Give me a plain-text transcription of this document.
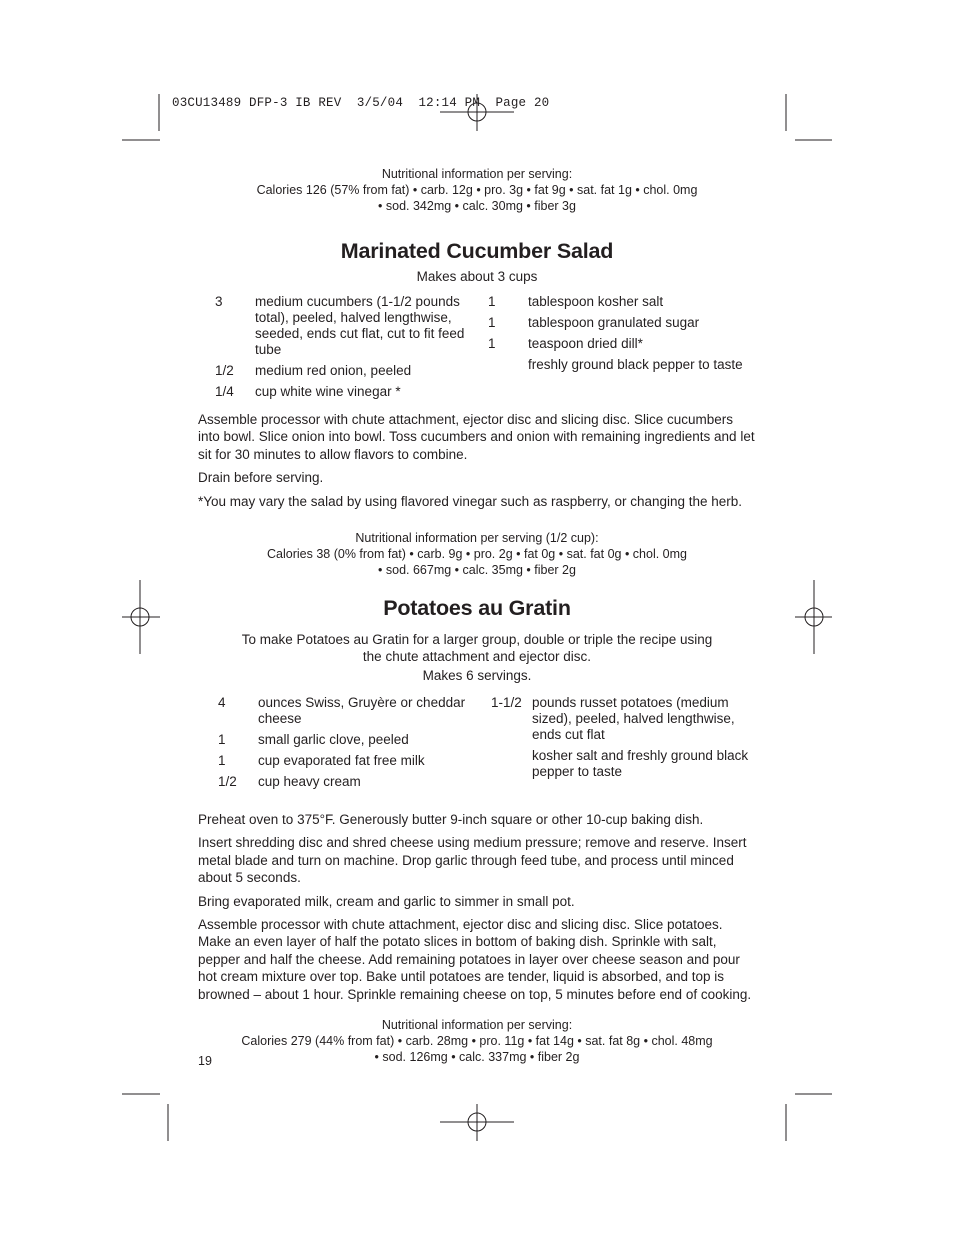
03CU13489 DFP-3 IB REV  3/5/04  12:14 PM  Page 20
Nutritional information per serving:
Calories 126 (57% from fat) • carb. 12g • pro. 3g • fat 9g • sat. fat 1g • chol. 0mg
• sod. 342mg • calc. 30mg • fiber 3g
Marinated Cucumber Salad
Makes about 3 cups
3	medium cucumbers (1-1/2 pounds total), peeled, halved lengthwise, seeded, ends cut flat, cut to fit feed tube
1/2	medium red onion, peeled
1/4	cup white wine vinegar *
1	tablespoon kosher salt
1	tablespoon granulated sugar
1	teaspoon dried dill*
freshly ground black pepper to taste

Assemble processor with chute attachment, ejector disc and slicing disc. Slice cucumbers into bowl. Slice onion into bowl. Toss cucumbers and onion with remaining ingredients and let sit for 30 minutes to allow flavors to combine.

Drain before serving.

*You may vary the salad by using flavored vinegar such as raspberry, or changing the herb.

Nutritional information per serving (1/2 cup):
Calories 38 (0% from fat) • carb. 9g • pro. 2g • fat 0g • sat. fat 0g • chol. 0mg
• sod. 667mg • calc. 35mg • fiber 2g
Potatoes au Gratin
To make Potatoes au Gratin for a larger group, double or triple the recipe using
the chute attachment and ejector disc.
Makes 6 servings.
4	ounces Swiss, Gruyère or cheddar cheese
1	small garlic clove, peeled
1	cup evaporated fat free milk
1/2	cup heavy cream
1-1/2 pounds russet potatoes (medium sized), peeled, halved lengthwise, ends cut flat
kosher salt and freshly ground black pepper to taste

Preheat oven to 375°F. Generously butter 9-inch square or other 10-cup baking dish.

Insert shredding disc and shred cheese using medium pressure; remove and reserve. Insert metal blade and turn on machine. Drop garlic through feed tube, and process until minced about 5 seconds.

Bring evaporated milk, cream and garlic to simmer in small pot.

Assemble processor with chute attachment, ejector disc and slicing disc. Slice potatoes. Make an even layer of half the potato slices in bottom of baking dish. Sprinkle with salt, pepper and half the cheese. Add remaining potatoes in layer over cheese season and pour hot cream mixture over top. Bake until potatoes are tender, liquid is absorbed, and top is browned – about 1 hour. Sprinkle remaining cheese on top, 5 minutes before end of cooking.

Nutritional information per serving:
Calories 279 (44% from fat) • carb. 28mg • pro. 11g • fat 14g • sat. fat 8g • chol. 48mg
• sod. 126mg • calc. 337mg • fiber 2g
19
